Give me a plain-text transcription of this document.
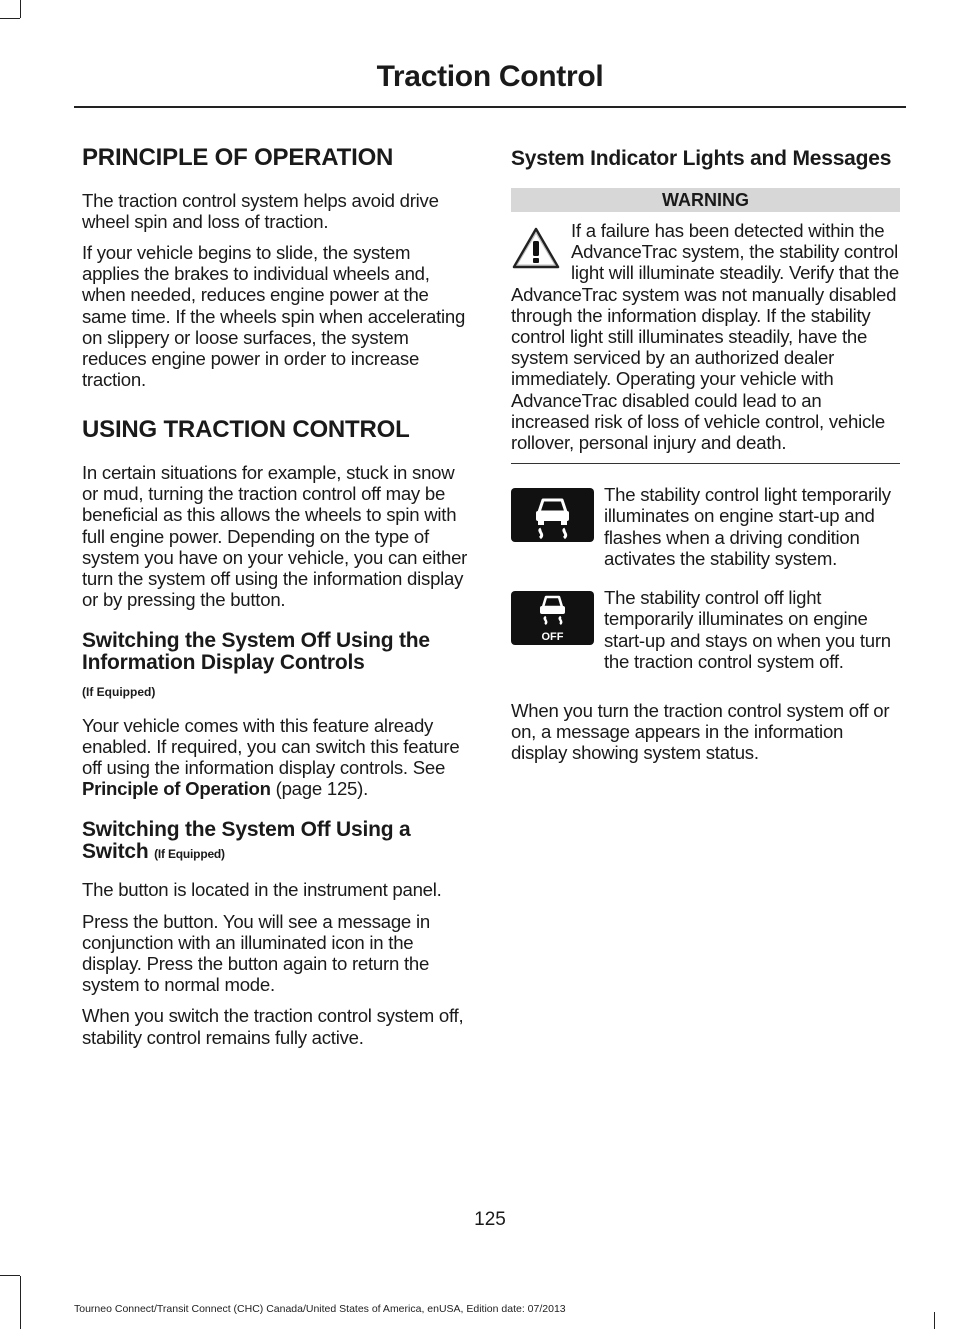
Traction Control
PRINCIPLE OF OPERATION

The traction control system helps avoid drive wheel spin and loss of traction.

If your vehicle begins to slide, the system applies the brakes to individual wheels and, when needed, reduces engine power at the same time. If the wheels spin when accelerating on slippery or loose surfaces, the system reduces engine power in order to increase traction.

USING TRACTION CONTROL

In certain situations for example, stuck in snow or mud, turning the traction control off may be beneficial as this allows the wheels to spin with full engine power. Depending on the type of system you have on your vehicle, you can either turn the system off using the information display or by pressing the button.

Switching the System Off Using the Information Display Controls
(If Equipped)

Your vehicle comes with this feature already enabled. If required, you can switch this feature off using the information display controls. See Principle of Operation (page 125).

Switching the System Off Using a Switch (If Equipped)

The button is located in the instrument panel.

Press the button. You will see a message in conjunction with an illuminated icon in the display. Press the button again to return the system to normal mode.

When you switch the traction control system off, stability control remains fully active.

System Indicator Lights and Messages
WARNING

If a failure has been detected within the AdvanceTrac system, the stability control light will illuminate steadily. Verify that the AdvanceTrac system was not manually disabled through the information display. If the stability control light still illuminates steadily, have the system serviced by an authorized dealer immediately. Operating your vehicle with AdvanceTrac disabled could lead to an increased risk of loss of vehicle control, vehicle rollover, personal injury and death.

The stability control light temporarily illuminates on engine start-up and flashes when a driving condition activates the stability system.

OFF

The stability control off light temporarily illuminates on engine start-up and stays on when you turn the traction control system off.

When you turn the traction control system off or on, a message appears in the information display showing system status.

125
Tourneo Connect/Transit Connect (CHC) Canada/United States of America, enUSA, Edition date: 07/2013
